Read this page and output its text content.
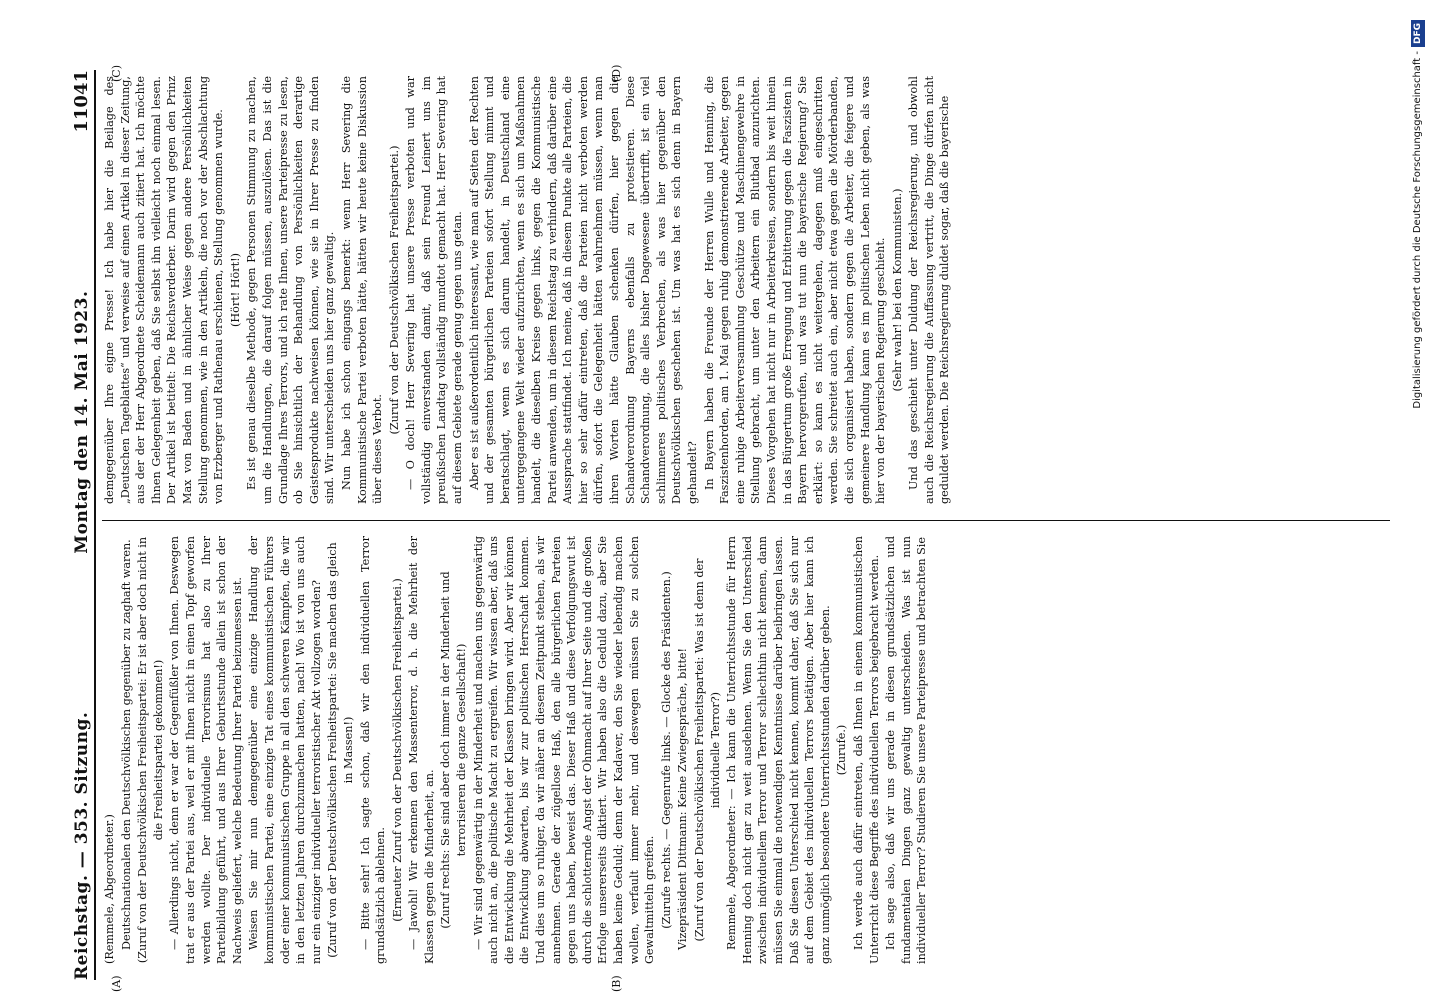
Reichstag. — 353. Sitzung.
Montag den 14. Mai 1923.
11041
(A)	(B)
(C)	(D)

(Remmele, Abgeordneter.) Deutschnationalen den Deutschvölkischen gegenüber zu zaghaft waren. (Zuruf von der Deutschvölkischen Freiheitspartei: Er ist aber doch nicht in die Freiheitspartei gekommen!) — Allerdings nicht, denn er war der Gegenfüßler von Ihnen. Deswegen trat er aus der Partei aus, weil er mit Ihnen nicht in einen Topf geworfen werden wollte. Der individuelle Terrorismus hat also zu Ihrer Parteibildung geführt, und aus Ihrer Geburtsstunde allein ist schon der Nachweis geliefert, welche Bedeutung Ihrer Partei beizumessen ist. Weisen Sie mir nun demgegenüber eine einzige Handlung der kommunistischen Partei, eine einzige Tat eines kommunistischen Führers oder einer kommunistischen Gruppe in all den schweren Kämpfen, die wir in den letzten Jahren durchzumachen hatten, nach! Wo ist von uns auch nur ein einziger individueller terroristischer Akt vollzogen worden? (Zuruf von der Deutschvölkischen Freiheitspartei: Sie machen das gleich in Massen!) — Bitte sehr! Ich sagte schon, daß wir den individuellen Terror grundsätzlich ablehnen. (Erneuter Zuruf von der Deutschvölkischen Freiheitspartei.) — Jawohl! Wir erkennen den Massenterror, d. h. die Mehrheit der Klassen gegen die Minderheit, an. (Zuruf rechts: Sie sind aber doch immer in der Minderheit und terrorisieren die ganze Gesellschaft!) — Wir sind gegenwärtig in der Minderheit und machen uns gegenwärtig auch nicht an, die politische Macht zu ergreifen. Wir wissen aber, daß uns die Entwicklung die Mehrheit der Klassen bringen wird. Aber wir können die Entwicklung abwarten, bis wir zur politischen Herrschaft kommen. Und dies um so ruhiger, da wir näher an diesem Zeitpunkt stehen, als wir annehmen. Gerade der zügellose Haß, den alle bürgerlichen Parteien gegen uns haben, beweist das. Dieser Haß und diese Verfolgungswut ist durch die schlotternde Angst der Ohnmacht auf Ihrer Seite und die großen Erfolge unsererseits diktiert. Wir haben also die Geduld dazu, aber Sie haben keine Geduld; denn der Kadaver, den Sie wieder lebendig machen wollen, verfault immer mehr, und deswegen müssen Sie zu solchen Gewaltmitteln greifen. (Zurufe rechts. — Gegenrufe links. — Glocke des Präsidenten.) Vizepräsident Dittmann: Keine Zwiegespräche, bitte! (Zuruf von der Deutschvölkischen Freiheitspartei: Was ist denn der individuelle Terror?) Remmele, Abgeordneter: — Ich kann die Unterrichtsstunde für Herrn Henning doch nicht gar zu weit ausdehnen. Wenn Sie den Unterschied zwischen individuellem Terror und Terror schlechthin nicht kennen, dann müssen Sie einmal die notwendigen Kenntnisse darüber beibringen lassen. Daß Sie diesen Unterschied nicht kennen, kommt daher, daß Sie sich nur auf dem Gebiet des individuellen Terrors betätigen. Aber hier kann ich ganz unmöglich besondere Unterrichtsstunden darüber geben. (Zurufe.) Ich werde auch dafür eintreten, daß Ihnen in einem kommunistischen Unterricht diese Begriffe des individuellen Terrors beigebracht werden. Ich sage also, daß wir uns gerade in diesen grundsätzlichen und fundamentalen Dingen ganz gewaltig unterscheiden. Was ist nun individueller Terror? Studieren Sie unsere Parteipresse und betrachten Sie

demgegenüber Ihre eigne Presse! Ich habe hier die Beilage des „Deutschen Tageblattes“ und verweise auf einen Artikel in dieser Zeitung, aus der der Herr Abgeordnete Scheidemann auch zitiert hat. Ich möchte Ihnen Gelegenheit geben, daß Sie selbst ihn vielleicht noch einmal lesen. Der Artikel ist betitelt: Die Reichsverderber. Darin wird gegen den Prinz Max von Baden und in ähnlicher Weise gegen andere Persönlichkeiten Stellung genommen, wie in den Artikeln, die noch vor der Abschlachtung von Erzberger und Rathenau erschienen, Stellung genommen wurde. (Hört! Hört!) Es ist genau dieselbe Methode, gegen Personen Stimmung zu machen, um die Handlungen, die darauf folgen müssen, auszulösen. Das ist die Grundlage Ihres Terrors, und ich rate Ihnen, unsere Parteipresse zu lesen, ob Sie hinsichtlich der Behandlung von Persönlichkeiten derartige Geistesprodukte nachweisen können, wie sie in Ihrer Presse zu finden sind. Wir unterscheiden uns hier ganz gewaltig. Nun habe ich schon eingangs bemerkt: wenn Herr Severing die Kommunistische Partei verboten hätte, hätten wir heute keine Diskussion über dieses Verbot.

(Zuruf von der Deutschvölkischen Freiheitspartei.) — O doch! Herr Severing hat unsere Presse verboten und war vollständig einverstanden damit, daß sein Freund Leinert uns im preußischen Landtag vollständig mundtot gemacht hat. Herr Severing hat auf diesem Gebiete gerade genug gegen uns getan. Aber es ist außerordentlich interessant, wie man auf Seiten der Rechten und der gesamten bürgerlichen Parteien sofort Stellung nimmt und beratschlagt, wenn es sich darum handelt, in Deutschland eine untergegangene Welt wieder aufzurichten, wenn es sich um Maßnahmen handelt, die dieselben Kreise gegen links, gegen die Kommunistische Partei anwenden, um in diesem Reichstag zu verhindern, daß darüber eine Aussprache stattfindet. Ich meine, daß in diesem Punkte alle Parteien, die hier so sehr dafür eintreten, daß die Parteien nicht verboten werden dürfen, sofort die Gelegenheit hätten wahrnehmen müssen, wenn man ihren Worten hätte Glauben schenken dürfen, hier gegen die Schandverordnung Bayerns ebenfalls zu protestieren. Diese Schandverordnung, die alles bisher Dagewesene übertrifft, ist ein viel schlimmeres politisches Verbrechen, als was hier gegenüber den Deutschvölkischen geschehen ist. Um was hat es sich denn in Bayern gehandelt? In Bayern haben die Freunde der Herren Wulle und Henning, die Faszistenhorden, am 1. Mai gegen ruhig demonstrierende Arbeiter, gegen eine ruhige Arbeiterversammlung Geschütze und Maschinengewehre in Stellung gebracht, um unter den Arbeitern ein Blutbad anzurichten. Dieses Vorgehen hat nicht nur in Arbeiterkreisen, sondern bis weit hinein in das Bürgertum große Erregung und Erbitterung gegen die Faszisten in Bayern hervorgerufen, und was tut nun die bayerische Regierung? Sie erklärt: so kann es nicht weitergehen, dagegen muß eingeschritten werden. Sie schreitet auch ein, aber nicht etwa gegen die Mörderbanden, die sich organisiert haben, sondern gegen die Arbeiter, die feigere und gemeinere Handlung kann es im politischen Leben nicht geben, als was hier von der bayerischen Regierung geschieht. (Sehr wahr! bei den Kommunisten.) Und das geschieht unter Duldung der Reichsregierung, und obwohl auch die Reichsregierung die Auffassung vertritt, die Dinge dürfen nicht geduldet werden. Die Reichsregierung duldet sogar, daß die bayerische	Digitalisierung gefördert durch die Deutsche Forschungsgemeinschaft -
DFG
